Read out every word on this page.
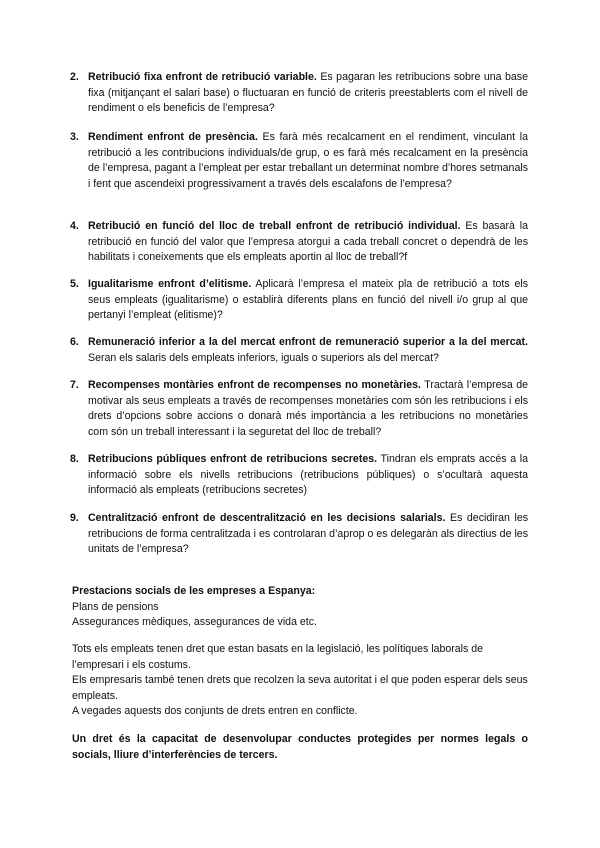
2. Retribució fixa enfront de retribució variable. Es pagaran les retribucions sobre una base fixa (mitjançant el salari base) o fluctuaran en funció de criteris preestablerts com el nivell de rendiment o els beneficis de l’empresa?
3. Rendiment enfront de presència. Es farà més recalcament en el rendiment, vinculant la retribució a les contribucions individuals/de grup, o es farà més recalcament en la presència de l’empresa, pagant a l’empleat per estar treballant un determinat nombre d’hores setmanals i fent que ascendeixi progressivament a través dels escalafons de l’empresa?
4. Retribució en funció del lloc de treball enfront de retribució individual. Es basarà la retribució en funció del valor que l’empresa atorgui a cada treball concret o dependrà de les habilitats i coneixements que els empleats aportin al lloc de treball?f
5. Igualitarisme enfront d’elitisme. Aplicarà l’empresa el mateix pla de retribució a tots els seus empleats (igualitarisme) o establirà diferents plans en funció del nivell i/o grup al que pertanyi l’empleat (elitisme)?
6. Remuneració inferior a la del mercat enfront de remuneració superior a la del mercat. Seran els salaris dels empleats inferiors, iguals o superiors als del mercat?
7. Recompenses montàries enfront de recompenses no monetàries. Tractarà l’empresa de motivar als seus empleats a través de recompenses monetàries com són les retribucions i els drets d’opcions sobre accions o donarà més importància a les retribucions no monetàries com són un treball interessant i la seguretat del lloc de treball?
8. Retribucions públiques enfront de retribucions secretes. Tindran els emprats accés a la informació sobre els nivells retribucions (retribucions públiques) o s’ocultarà aquesta informació als empleats (retribucions secretes)
9. Centralització enfront de descentralització en les decisions salarials. Es decidiran les retribucions de forma centralitzada i es controlaran d’aprop o es delegaràn als directius de les unitats de l’empresa?

Prestacions socials de les empreses a Espanya:

Plans de pensions

Assegurances mèdiques, assegurances de vida etc.

Tots els empleats tenen dret que estan basats en la legislació, les polítiques laborals de l’empresari i els costums.

Els empresaris també tenen drets que recolzen la seva autoritat i el que poden esperar dels seus empleats.

A vegades aquests dos conjunts de drets entren en conflicte.

Un dret és la capacitat de desenvolupar conductes protegides per normes legals o socials, lliure d’interferències de tercers.
